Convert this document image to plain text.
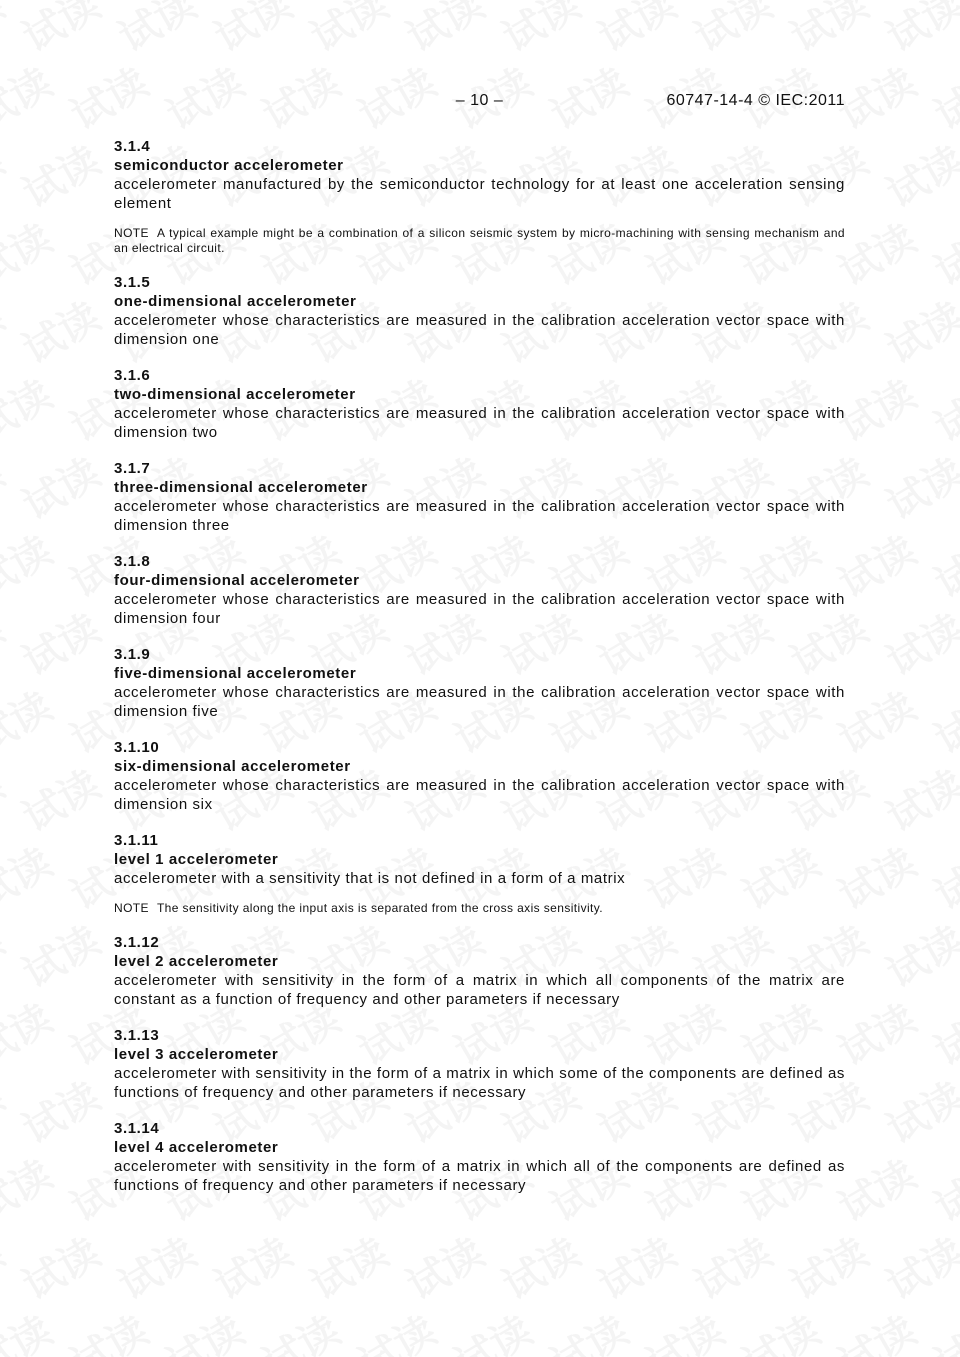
– 10 –	60747-14-4 © IEC:2011
3.1.4
semiconductor accelerometer
accelerometer manufactured by the semiconductor technology for at least one acceleration sensing element
NOTE A typical example might be a combination of a silicon seismic system by micro-machining with sensing mechanism and an electrical circuit.
3.1.5
one-dimensional accelerometer
accelerometer whose characteristics are measured in the calibration acceleration vector space with dimension one
3.1.6
two-dimensional accelerometer
accelerometer whose characteristics are measured in the calibration acceleration vector space with dimension two
3.1.7
three-dimensional accelerometer
accelerometer whose characteristics are measured in the calibration acceleration vector space with dimension three
3.1.8
four-dimensional accelerometer
accelerometer whose characteristics are measured in the calibration acceleration vector space with dimension four
3.1.9
five-dimensional accelerometer
accelerometer whose characteristics are measured in the calibration acceleration vector space with dimension five
3.1.10
six-dimensional accelerometer
accelerometer whose characteristics are measured in the calibration acceleration vector space with dimension six
3.1.11
level 1 accelerometer
accelerometer with a sensitivity that is not defined in a form of a matrix
NOTE The sensitivity along the input axis is separated from the cross axis sensitivity.
3.1.12
level 2 accelerometer
accelerometer with sensitivity in the form of a matrix in which all components of the matrix are constant as a function of frequency and other parameters if necessary
3.1.13
level 3 accelerometer
accelerometer with sensitivity in the form of a matrix in which some of the components are defined as functions of frequency and other parameters if necessary
3.1.14
level 4 accelerometer
accelerometer with sensitivity in the form of a matrix in which all of the components are defined as functions of frequency and other parameters if necessary
